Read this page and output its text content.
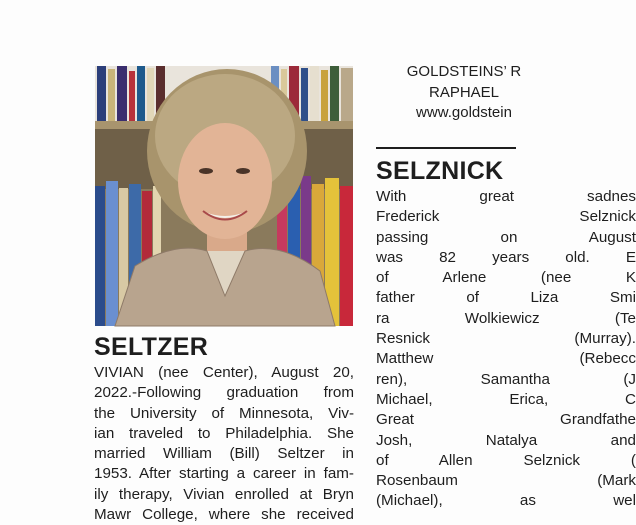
SELTZER
VIVIAN (nee Center), August 20,
2022.-Following graduation from
the University of Minnesota, Viv-
ian traveled to Philadelphia. She
married William (Bill) Seltzer in
1953. After starting a career in fam-
ily therapy, Vivian enrolled at Bryn
Mawr College, where she received
GOLDSTEINS’ R
RAPHAEL
www.goldstein
SELZNICK
With great sadnes
Frederick Selznick
passing on August
was 82 years old. E
of Arlene (nee K
father of Liza Smi
ra Wolkiewicz (Te
Resnick (Murray).
Matthew (Rebecc
ren), Samantha (J
Michael, Erica, C
Great Grandfathe
Josh, Natalya and
of Allen Selznick (
Rosenbaum (Mark
(Michael), as wel
